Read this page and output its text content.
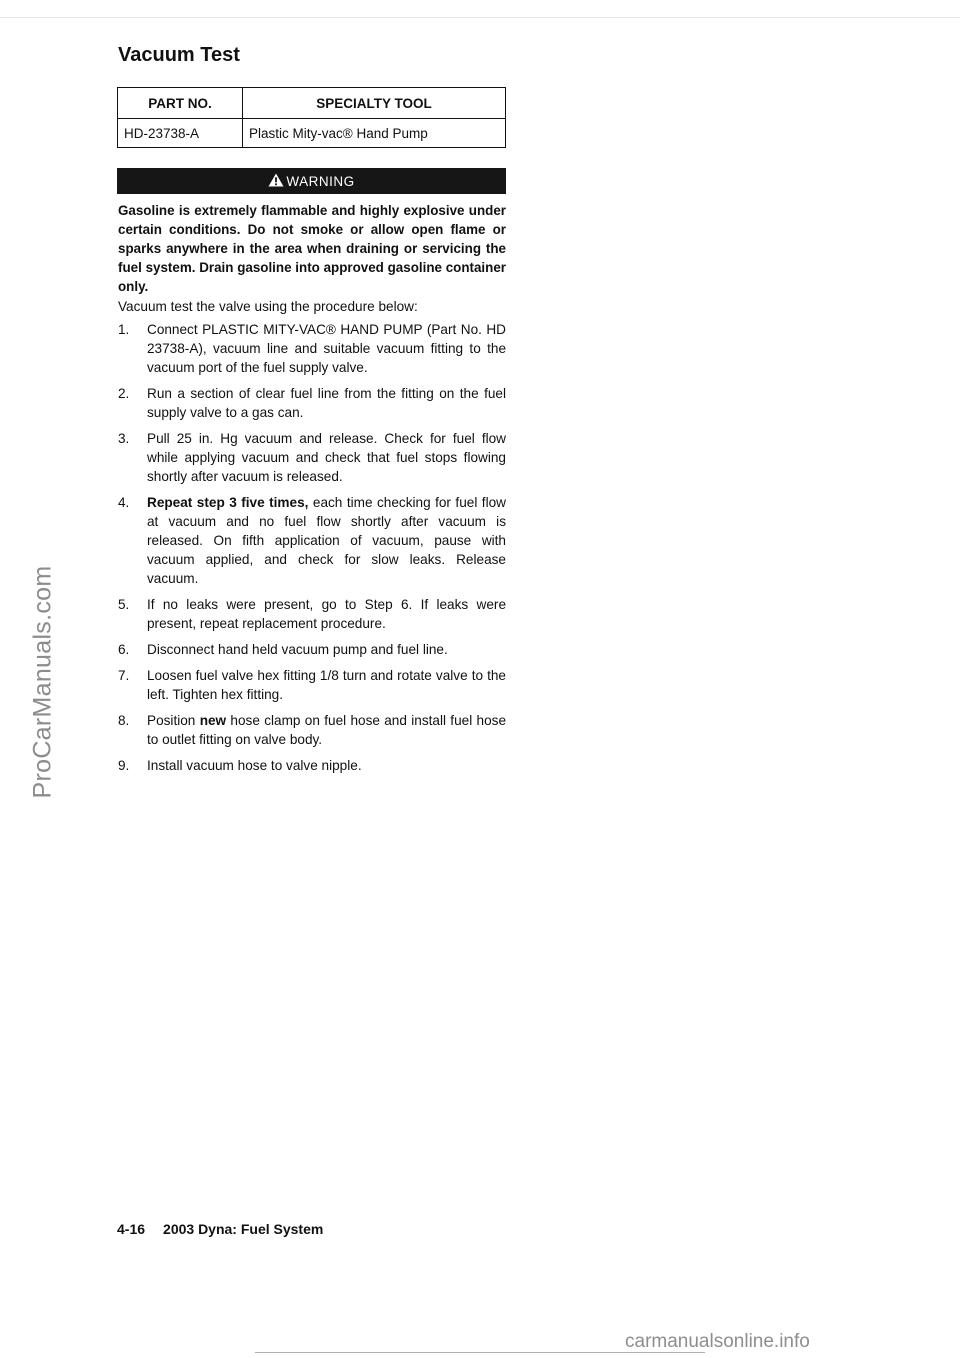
ProCarManuals.com
Vacuum Test
PART NO.	SPECIALTY TOOL
HD-23738-A	Plastic Mity-vac® Hand Pump
WARNING

Gasoline is extremely flammable and highly explosive under certain conditions. Do not smoke or allow open flame or sparks anywhere in the area when draining or servicing the fuel system. Drain gasoline into approved gasoline container only.

Vacuum test the valve using the procedure below:

1.	Connect PLASTIC MITY-VAC® HAND PUMP (Part No. HD 23738-A), vacuum line and suitable vacuum fitting to the vacuum port of the fuel supply valve.
2.	Run a section of clear fuel line from the fitting on the fuel supply valve to a gas can.
3.	Pull 25 in. Hg vacuum and release. Check for fuel flow while applying vacuum and check that fuel stops flowing shortly after vacuum is released.
4.	Repeat step 3 five times, each time checking for fuel flow at vacuum and no fuel flow shortly after vacuum is released. On fifth application of vacuum, pause with vacuum applied, and check for slow leaks. Release vacuum.
5.	If no leaks were present, go to Step 6. If leaks were present, repeat replacement procedure.
6.	Disconnect hand held vacuum pump and fuel line.
7.	Loosen fuel valve hex fitting 1/8 turn and rotate valve to the left. Tighten hex fitting.
8.	Position new hose clamp on fuel hose and install fuel hose to outlet fitting on valve body.
9.	Install vacuum hose to valve nipple.

4-16 2003 Dyna: Fuel System

carmanualsonline.info
